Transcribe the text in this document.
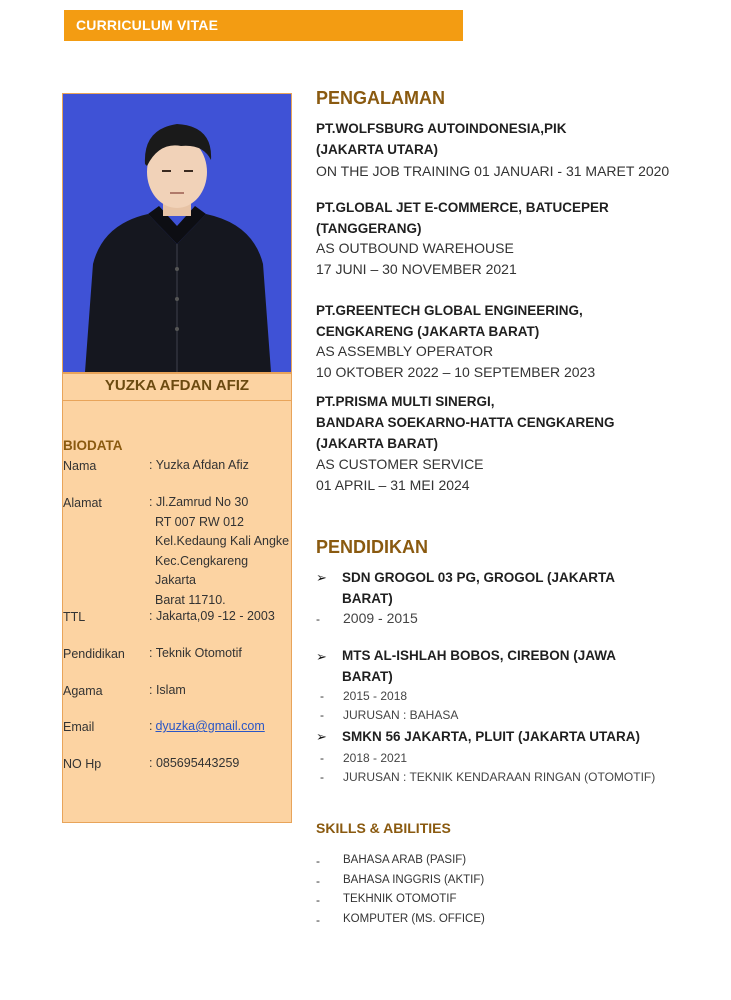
CURRICULUM VITAE
YUZKA AFDAN AFIZ
BIODATA
Nama	: Yuzka Afdan Afiz
Alamat	: Jl.Zamrud No 30
RT 007 RW 012
Kel.Kedaung Kali Angke
Kec.Cengkareng Jakarta
Barat 11710.
TTL	: Jakarta,09 -12 - 2003
Pendidikan : Teknik Otomotif
Agama	: Islam
Email	: dyuzka@gmail.com
NO Hp	: 085695443259
PENGALAMAN
PT.WOLFSBURG AUTOINDONESIA,PIK
(JAKARTA UTARA)
ON THE JOB TRAINING 01 JANUARI - 31 MARET 2020
PT.GLOBAL JET E-COMMERCE, BATUCEPER
(TANGGERANG)
AS OUTBOUND WAREHOUSE
17 JUNI – 30 NOVEMBER 2021
PT.GREENTECH GLOBAL ENGINEERING,
CENGKARENG (JAKARTA BARAT)
AS ASSEMBLY OPERATOR
10 OKTOBER 2022 – 10 SEPTEMBER 2023
PT.PRISMA MULTI SINERGI,
BANDARA SOEKARNO-HATTA CENGKARENG
(JAKARTA BARAT)
AS CUSTOMER SERVICE
01 APRIL – 31 MEI 2024
PENDIDIKAN
➢ SDN GROGOL 03 PG, GROGOL (JAKARTA
BARAT)
- 2009 - 2015
➢ MTS AL-ISHLAH BOBOS, CIREBON (JAWA
BARAT)
- 2015 - 2018
- JURUSAN : BAHASA
➢ SMKN 56 JAKARTA, PLUIT (JAKARTA UTARA)
- 2018 - 2021
- JURUSAN : TEKNIK KENDARAAN RINGAN (OTOMOTIF)
SKILLS & ABILITIES
- BAHASA ARAB (PASIF)
- BAHASA INGGRIS (AKTIF)
- TEKHNIK OTOMOTIF
- KOMPUTER (MS. OFFICE)
